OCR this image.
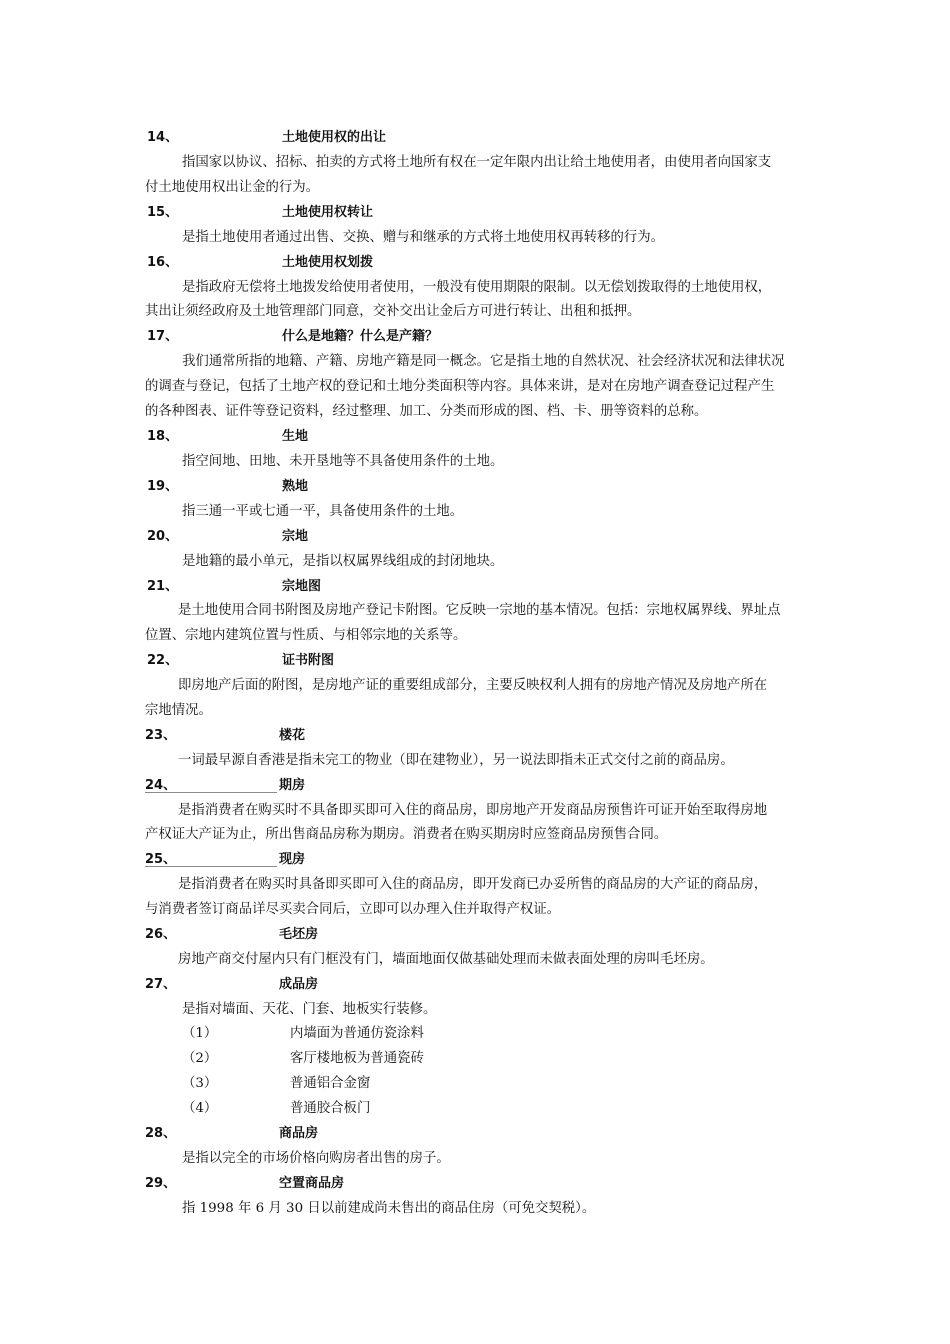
14、	土地使用权的出让
指国家以协议、招标、拍卖的方式将土地所有权在一定年限内出让给土地使用者，由使用者向国家支
付土地使用权出让金的行为。
15、	土地使用权转让
是指土地使用者通过出售、交换、赠与和继承的方式将土地使用权再转移的行为。
16、	土地使用权划拨
是指政府无偿将土地拨发给使用者使用，一般没有使用期限的限制。以无偿划拨取得的土地使用权，
其出让须经政府及土地管理部门同意，交补交出让金后方可进行转让、出租和抵押。
17、	什么是地籍？什么是产籍？
我们通常所指的地籍、产籍、房地产籍是同一概念。它是指土地的自然状况、社会经济状况和法律状况
的调查与登记，包括了土地产权的登记和土地分类面积等内容。具体来讲，是对在房地产调查登记过程产生
的各种图表、证件等登记资料，经过整理、加工、分类而形成的图、档、卡、册等资料的总称。
18、	生地
指空间地、田地、未开垦地等不具备使用条件的土地。
19、	熟地
指三通一平或七通一平，具备使用条件的土地。
20、	宗地
是地籍的最小单元，是指以权属界线组成的封闭地块。
21、	宗地图
是土地使用合同书附图及房地产登记卡附图。它反映一宗地的基本情况。包括：宗地权属界线、界址点
位置、宗地内建筑位置与性质、与相邻宗地的关系等。
22、	证书附图
即房地产后面的附图，是房地产证的重要组成部分，主要反映权利人拥有的房地产情况及房地产所在
宗地情况。
23、	楼花
一词最早源自香港是指未完工的物业（即在建物业），另一说法即指未正式交付之前的商品房。
24、	期房
是指消费者在购买时不具备即买即可入住的商品房，即房地产开发商品房预售许可证开始至取得房地
产权证大产证为止，所出售商品房称为期房。消费者在购买期房时应签商品房预售合同。
25、	现房
是指消费者在购买时具备即买即可入住的商品房，即开发商已办妥所售的商品房的大产证的商品房，
与消费者签订商品详尽买卖合同后，立即可以办理入住并取得产权证。
26、	毛坯房
房地产商交付屋内只有门框没有门，墙面地面仅做基础处理而未做表面处理的房叫毛坯房。
27、	成品房
是指对墙面、天花、门套、地板实行装修。
（1）	内墙面为普通仿瓷涂料
（2）	客厅楼地板为普通瓷砖
（3）	普通铝合金窗
（4）	普通胶合板门
28、	商品房
是指以完全的市场价格向购房者出售的房子。
29、	空置商品房
指 1998 年 6 月 30 日以前建成尚未售出的商品住房（可免交契税）。
